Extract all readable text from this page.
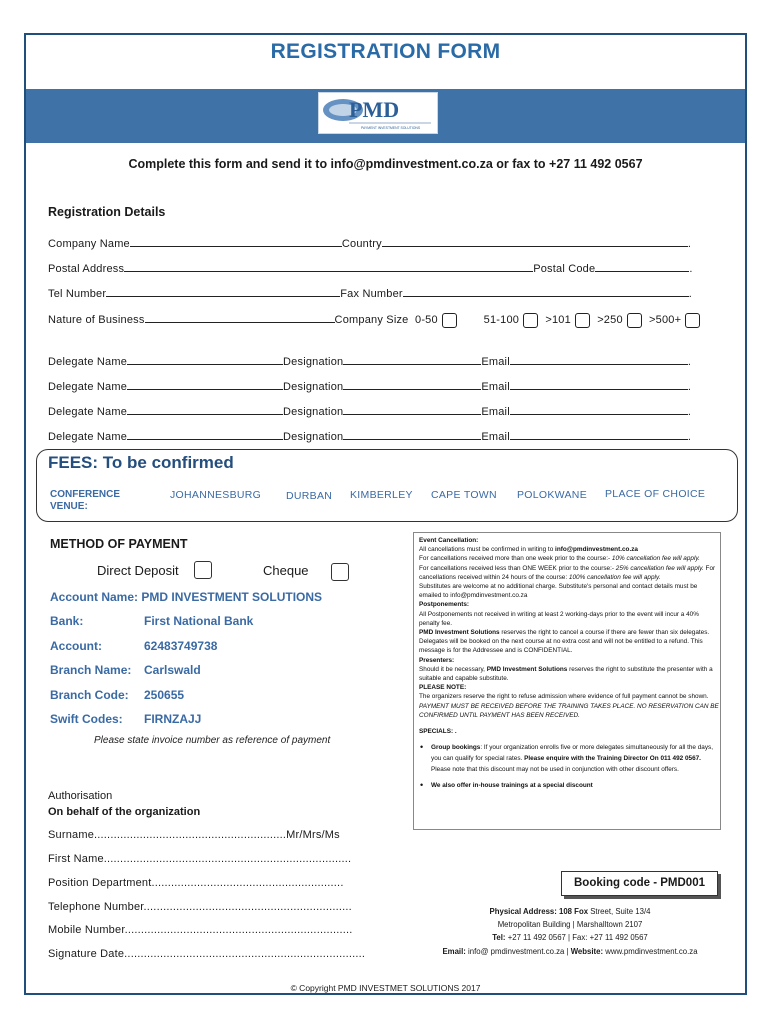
REGISTRATION FORM
PMD
PAYMENT INVESTMENT SOLUTIONS
Complete this form and send it to info@pmdinvestment.co.za or fax to +27 11 492 0567
Registration Details
Company Name	Country	.
Postal Address	Postal Code	.
Tel Number	Fax Number	.
Nature of Business	Company Size 0-50	51-100 >101 >250 >500+
Delegate Name	Designation	Email	.
Delegate Name	Designation	Email	.
Delegate Name	Designation	Email	.
Delegate Name	Designation	Email	.
FEES: To be confirmed
CONFERENCE VENUE:
JOHANNESBURG DURBAN KIMBERLEY CAPE TOWN POLOKWANE PLACE OF CHOICE
METHOD OF PAYMENT
Direct Deposit	Cheque
Account Name: PMD INVESTMENT SOLUTIONS
Bank:	First National Bank
Account:	62483749738
Branch Name: Carlswald
Branch Code: 250655
Swift Codes: FIRNZAJJ
Please state invoice number as reference of payment
Event Cancellation:
All cancellations must be confirmed in writing to info@pmdinvestment.co.za
For cancellations received more than one week prior to the course:- 10% cancellation fee will apply.
For cancellations received less than ONE WEEK prior to the course:- 25% cancellation fee will apply. For cancellations received within 24 hours of the course: 100% cancellation fee will apply.
Substitutes are welcome at no additional charge. Substitute's personal and contact details must be emailed to info@pmdinvestment.co.za
Postponements:
All Postponements not received in writing at least 2 working-days prior to the event will incur a 40% penalty fee.
PMD Investment Solutions reserves the right to cancel a course if there are fewer than six delegates. Delegates will be booked on the next course at no extra cost and will not be entitled to a refund. This message is for the Addressee and is CONFIDENTIAL.
Presenters:
Should it be necessary, PMD Investment Solutions reserves the right to substitute the presenter with a suitable and capable substitute.
PLEASE NOTE:
The organizers reserve the right to refuse admission where evidence of full payment cannot be shown. PAYMENT MUST BE RECEIVED BEFORE THE TRAINING TAKES PLACE. NO RESERVATION CAN BE CONFIRMED UNTIL PAYMENT HAS BEEN RECEIVED.
SPECIALS: .
• Group bookings: If your organization enrolls five or more delegates simultaneously for all the days, you can qualify for special rates. Please enquire with the Training Director On 011 492 0567. Please note that this discount may not be used in conjunction with other discount offers.
• We also offer in-house trainings at a special discount
Authorisation
On behalf of the organization
Surname...........................................................Mr/Mrs/Ms
First Name............................................................................
Position Department...........................................................
Telephone Number................................................................
Mobile Number......................................................................
Signature Date..........................................................................
Booking code - PMD001
Physical Address: 108 Fox Street, Suite 13/4
Metropolitan Building | Marshalltown 2107
Tel: +27 11 492 0567 | Fax: +27 11 492 0567
Email: info@ pmdinvestment.co.za | Website: www.pmdinvestment.co.za
© Copyright PMD INVESTMET SOLUTIONS 2017
